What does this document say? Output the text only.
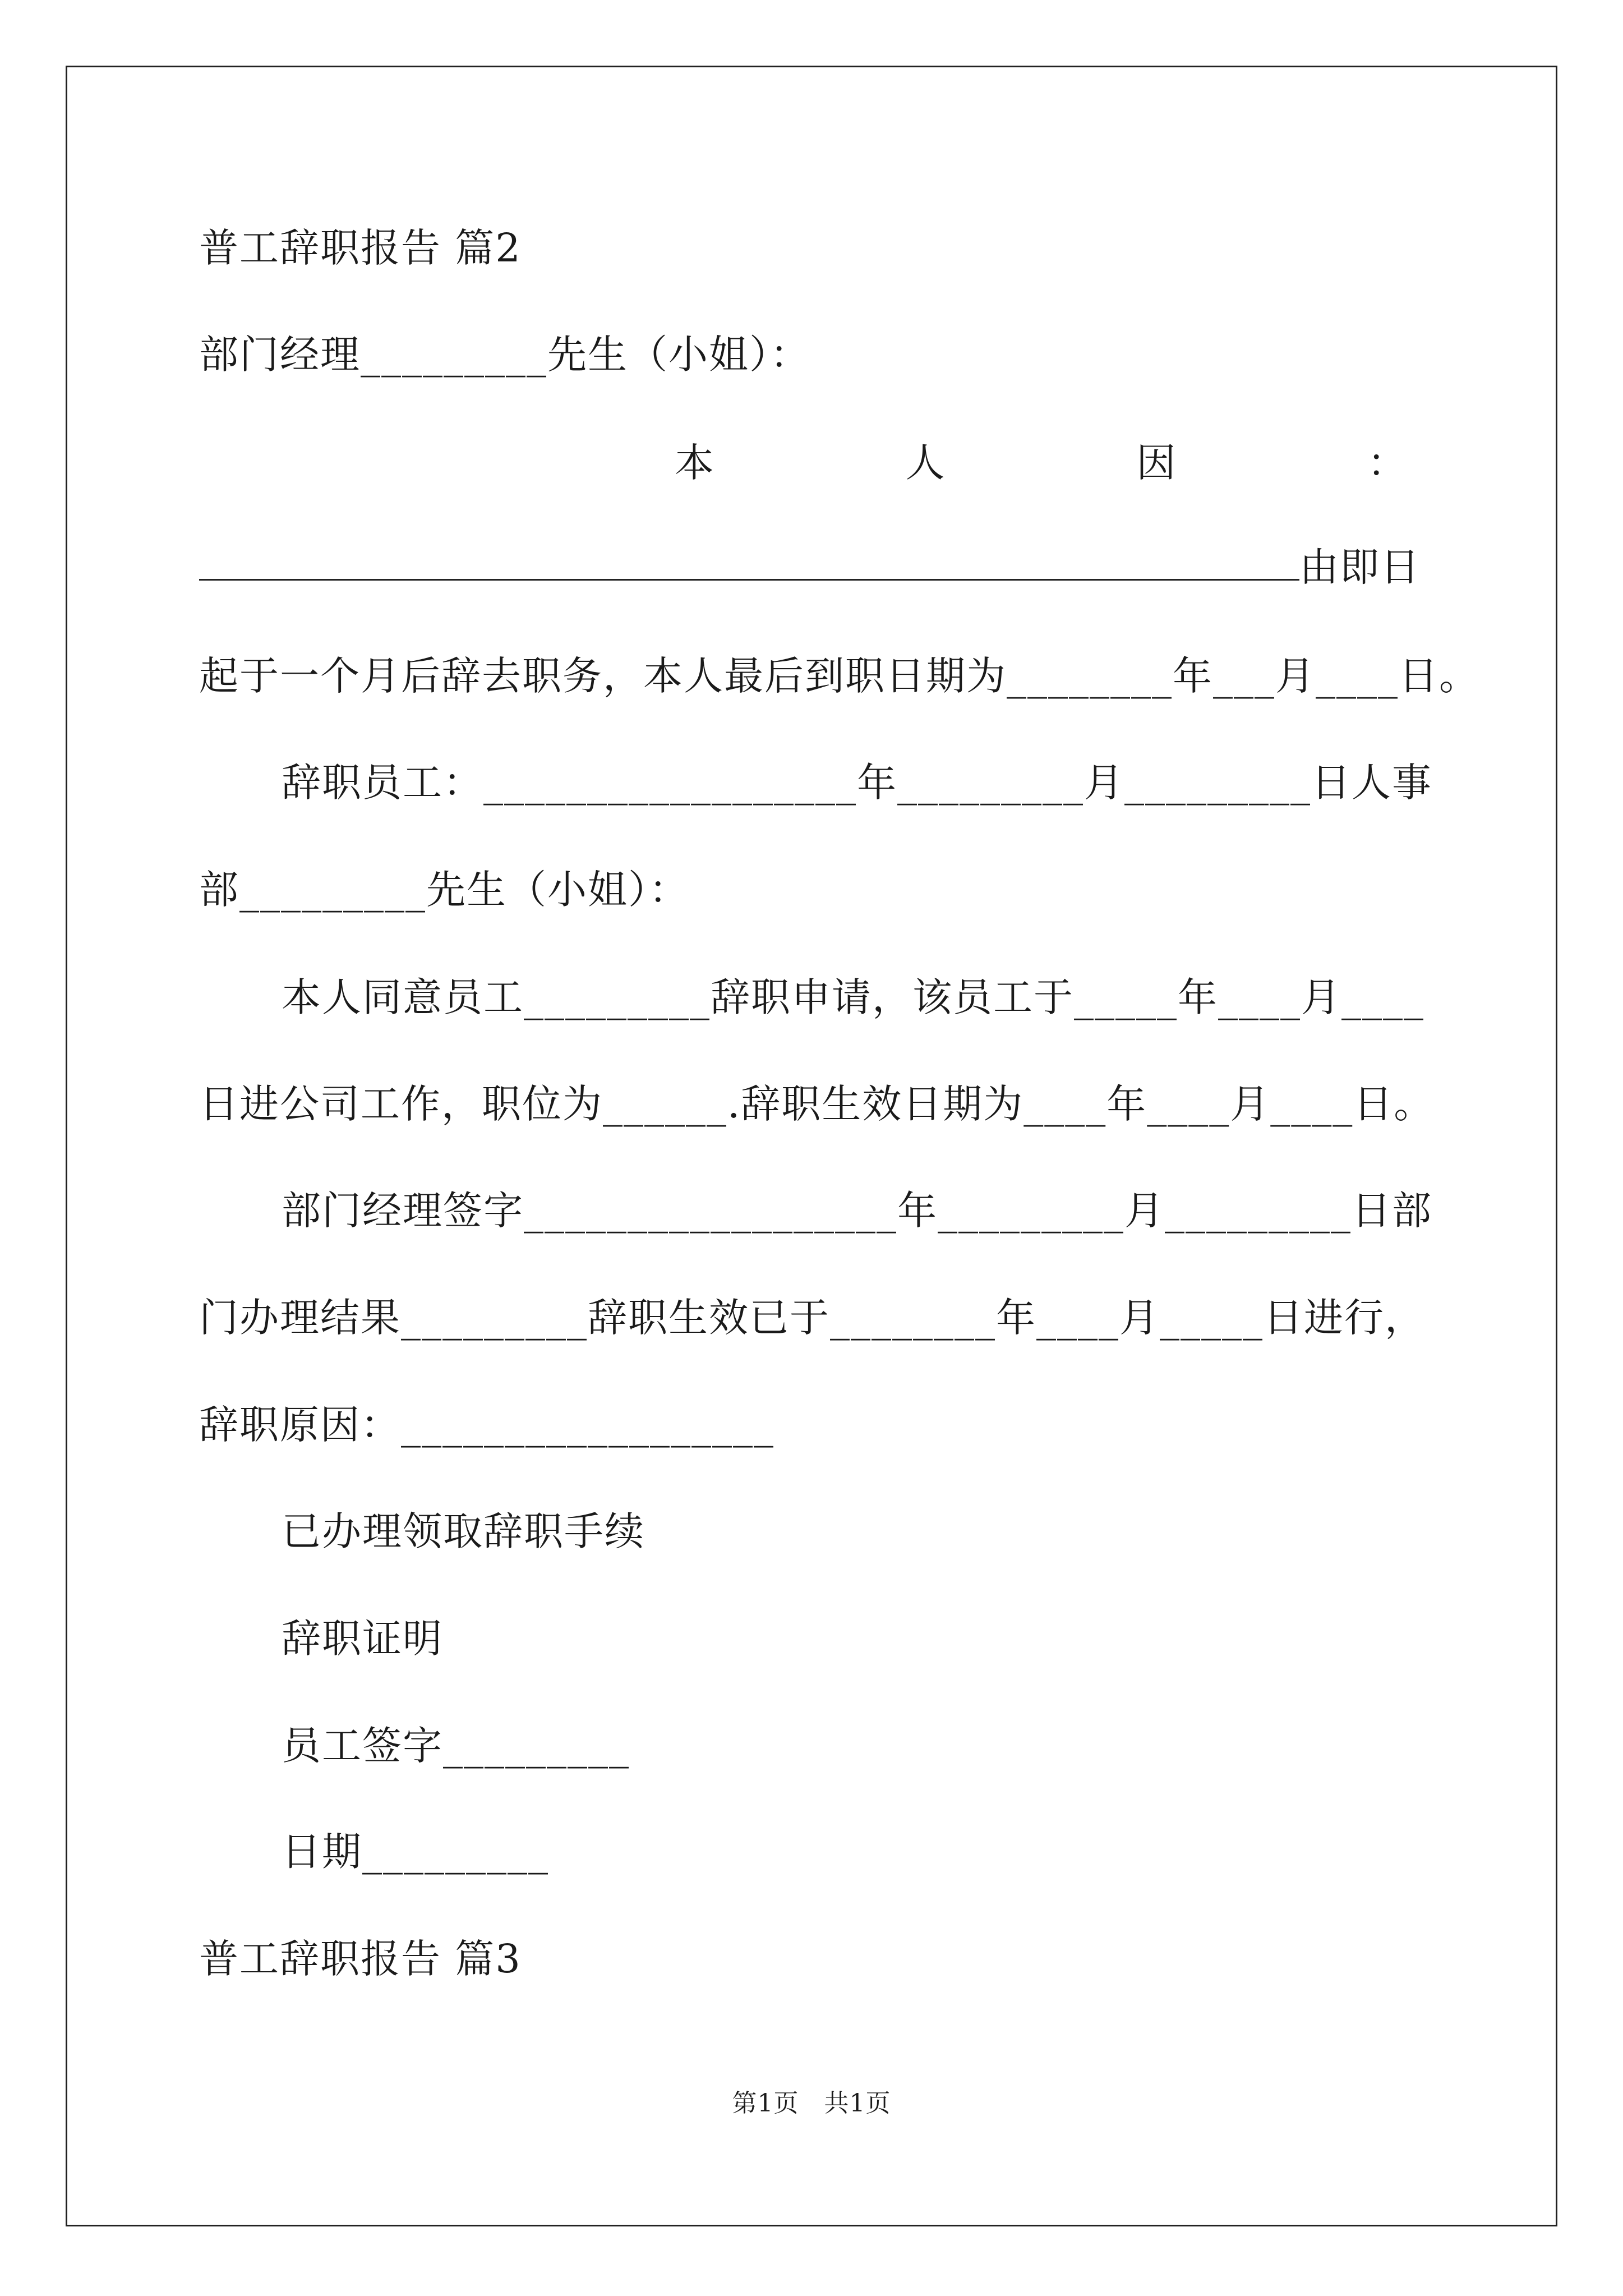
普工辞职报告 篇2
部门经理_________先生（小姐）：
本	人	因	：
由即日
起于一个月后辞去职务，本人最后到职日期为________年___月____日。
辞职员工：__________________年_________月_________日人事
部_________先生（小姐）：
本人同意员工_________辞职申请，该员工于_____年____月____
日进公司工作，职位为______.辞职生效日期为____年____月____日。
部门经理签字__________________年_________月_________日部
门办理结果_________辞职生效已于________年____月_____日进行，
辞职原因：__________________
已办理领取辞职手续
辞职证明
员工签字_________
日期_________
普工辞职报告 篇3
第1页　共1页
